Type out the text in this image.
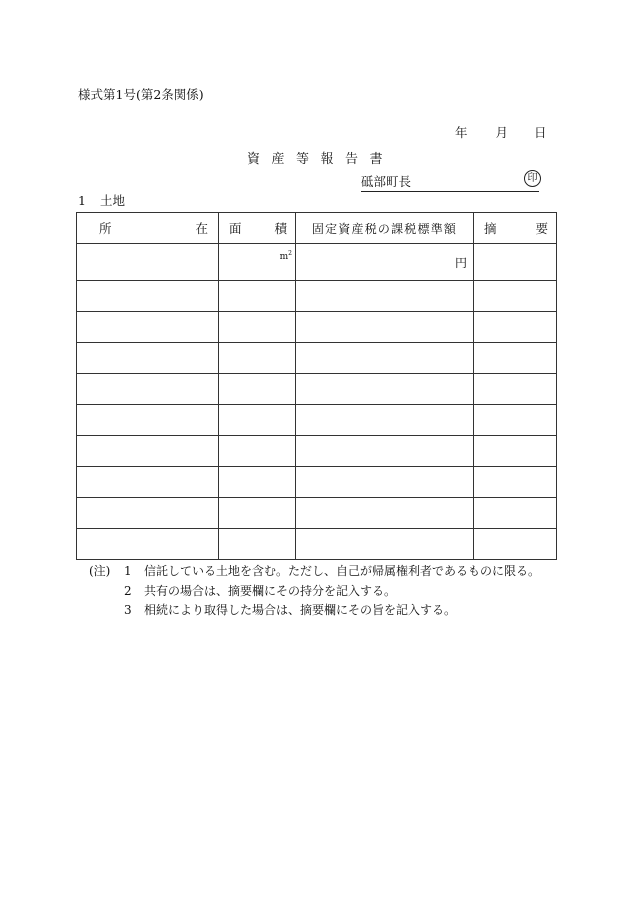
様式第1号(第2条関係)
年 月 日
資産等報告書
砥部町長	印
1 土地
所 在	面 積	固定資産税の課税標準額	摘 要

	$m^2$	円	

(注)	1	信託している土地を含む。ただし、自己が帰属権利者であるものに限る。
2	共有の場合は、摘要欄にその持分を記入する。
3	相続により取得した場合は、摘要欄にその旨を記入する。
